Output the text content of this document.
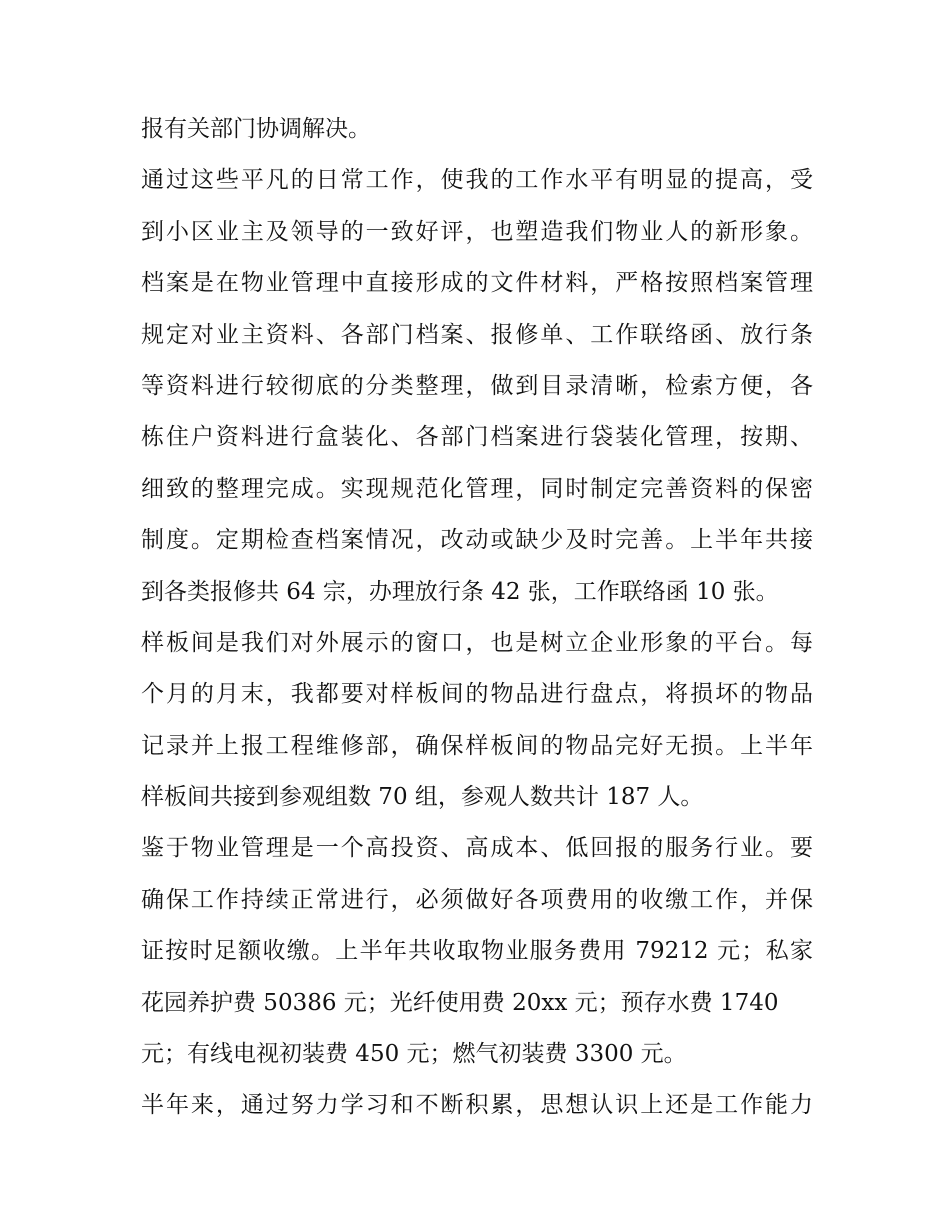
报有关部门协调解决。
通过这些平凡的日常工作，使我的工作水平有明显的提高，受
到小区业主及领导的一致好评，也塑造我们物业人的新形象。
档案是在物业管理中直接形成的文件材料，严格按照档案管理
规定对业主资料、各部门档案、报修单、工作联络函、放行条
等资料进行较彻底的分类整理，做到目录清晰，检索方便，各
栋住户资料进行盒装化、各部门档案进行袋装化管理，按期、
细致的整理完成。实现规范化管理，同时制定完善资料的保密
制度。定期检查档案情况，改动或缺少及时完善。上半年共接
到各类报修共 64 宗，办理放行条 42 张，工作联络函 10 张。
样板间是我们对外展示的窗口，也是树立企业形象的平台。每
个月的月末，我都要对样板间的物品进行盘点，将损坏的物品
记录并上报工程维修部，确保样板间的物品完好无损。上半年
样板间共接到参观组数 70 组，参观人数共计 187 人。
鉴于物业管理是一个高投资、高成本、低回报的服务行业。要
确保工作持续正常进行，必须做好各项费用的收缴工作，并保
证按时足额收缴。上半年共收取物业服务费用 79212 元；私家
花园养护费 50386 元；光纤使用费 20xx 元；预存水费 1740
元；有线电视初装费 450 元；燃气初装费 3300 元。
半年来，通过努力学习和不断积累，思想认识上还是工作能力
